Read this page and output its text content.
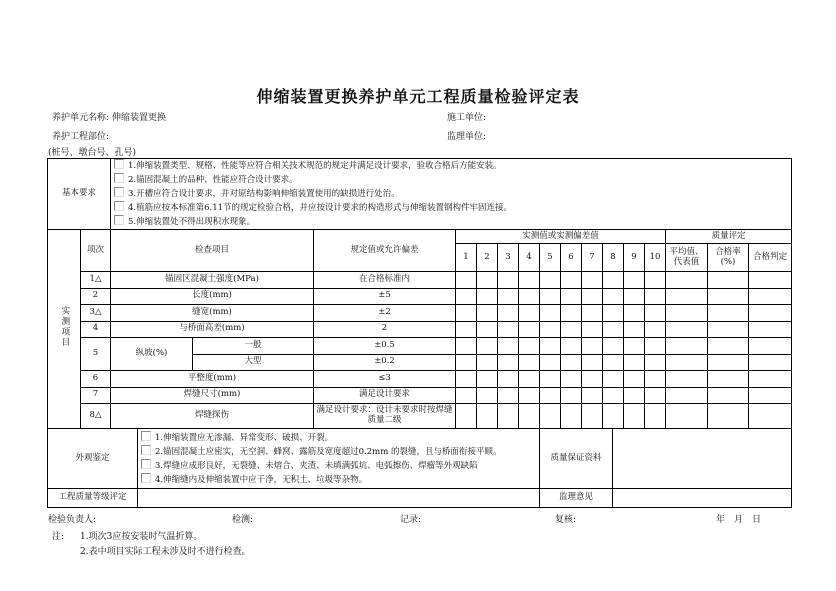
伸缩装置更换养护单元工程质量检验评定表
养护单元名称: 伸缩装置更换	施工单位:
养护工程部位:	监理单位:
(桩号、墩台号、孔号)
基本要求		1.伸缩装置类型、规格、性能等应符合相关技术规范的规定并满足设计要求，验收合格后方能安装。
2.锚固混凝土的品种、性能应符合设计要求。
3.开槽应符合设计要求，并对原结构影响伸缩装置使用的缺损进行处治。
4.植筋应按本标准第6.11节的规定检验合格，并应按设计要求的构造形式与伸缩装置钢构件牢固连接。
5.伸缩装置处不得出现积水现象。																	

实测项目	项次	检查项目			规定值或允许偏差	实测值或实测偏差值											质量评定		
						1	2	3	4	5	6	7	8		9	10	平均值、代表值	合格率(%)	合格判定
	1△	锚固区混凝土强度(MPa)			在合格标准内														
	2	长度(mm)			±5														
	3△	缝宽(mm)			±2														
	4	与桥面高差(mm)			2														
	5	纵坡(%)		一般	±0.5														
				大型	±0.2														
	6	平整度(mm)			≤3														
	7	焊缝尺寸(mm)			满足设计要求														
	8△	焊缝探伤			满足设计要求：设计未要求时按焊缝质量二级														
外观鉴定			1.伸缩装置应无渗漏、异常变形、破损、开裂。
2.锚固混凝土应密实，无空洞、蜂窝、露筋及宽度超过0.2mm 的裂缝，且与桥面衔接平顺。
3.焊缝应成形良好，无裂缝、未熔合、夹渣、未填满弧坑、电弧擦伤、焊瘤等外观缺陷
4.伸缩缝内及伸缩装置中应干净，无积土、垃圾等杂物。							质量保证资料									
工程质量等级评定										监理意见									
检验负责人:	检测:	记录:	复核:	年　月　日
注: 1.项次3应按安装时气温折算。
2.表中项目实际工程未涉及时不进行检查。
